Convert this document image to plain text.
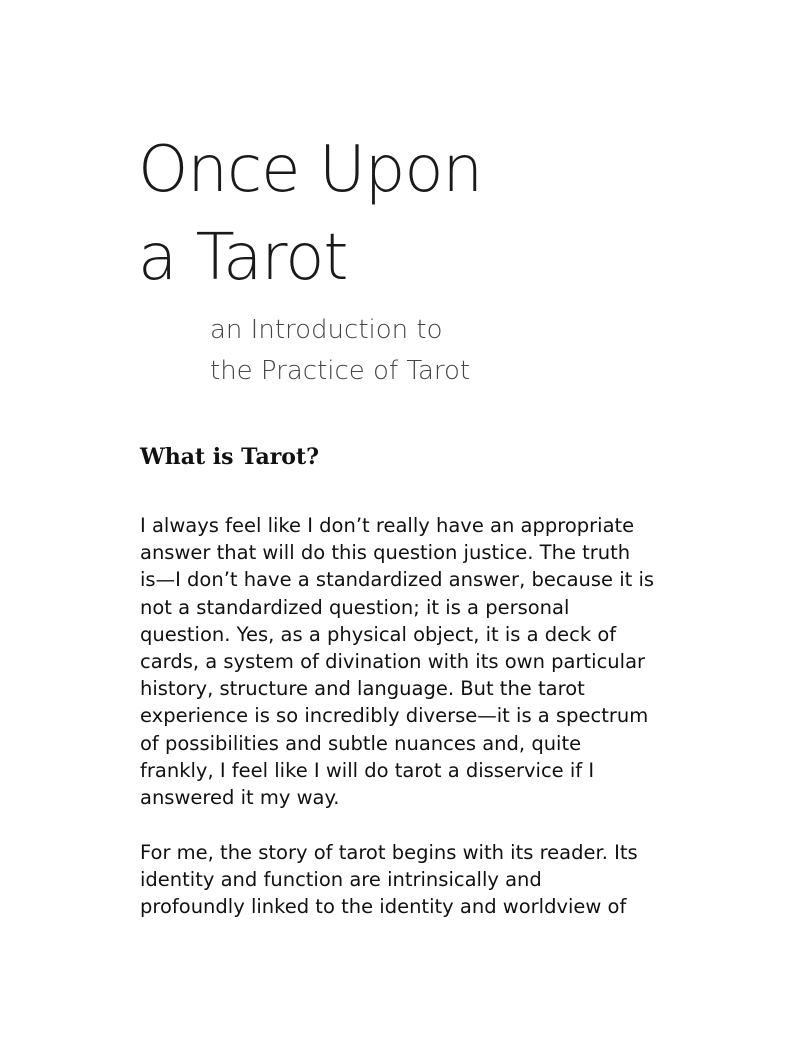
Once Upon
a Tarot
an Introduction to
the Practice of Tarot
What is Tarot?

I always feel like I don’t really have an appropriate
answer that will do this question justice. The truth
is—I don’t have a standardized answer, because it is
not a standardized question; it is a personal
question. Yes, as a physical object, it is a deck of
cards, a system of divination with its own particular
history, structure and language. But the tarot
experience is so incredibly diverse—it is a spectrum
of possibilities and subtle nuances and, quite
frankly, I feel like I will do tarot a disservice if I
answered it my way.

For me, the story of tarot begins with its reader. Its
identity and function are intrinsically and
profoundly linked to the identity and worldview of
